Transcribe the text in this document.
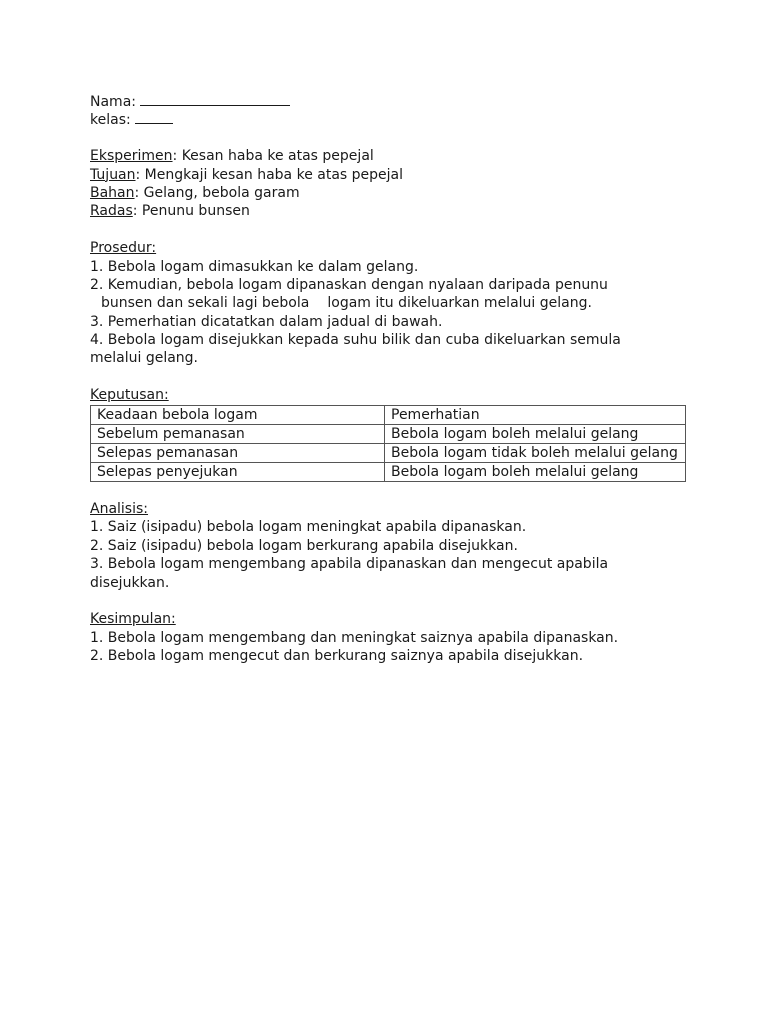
Nama:
kelas:
Eksperimen: Kesan haba ke atas pepejal
Tujuan: Mengkaji kesan haba ke atas pepejal
Bahan: Gelang, bebola garam
Radas: Penunu bunsen
Prosedur:
1. Bebola logam dimasukkan ke dalam gelang.
2. Kemudian, bebola logam dipanaskan dengan nyalaan daripada penunu
bunsen dan sekali lagi bebola logam itu dikeluarkan melalui gelang.
3. Pemerhatian dicatatkan dalam jadual di bawah.
4. Bebola logam disejukkan kepada suhu bilik dan cuba dikeluarkan semula
melalui gelang.
Keputusan:
Keadaan bebola logam	Pemerhatian
Sebelum pemanasan	Bebola logam boleh melalui gelang
Selepas pemanasan	Bebola logam tidak boleh melalui gelang
Selepas penyejukan	Bebola logam boleh melalui gelang
Analisis:
1. Saiz (isipadu) bebola logam meningkat apabila dipanaskan.
2. Saiz (isipadu) bebola logam berkurang apabila disejukkan.
3. Bebola logam mengembang apabila dipanaskan dan mengecut apabila
disejukkan.
Kesimpulan:
1. Bebola logam mengembang dan meningkat saiznya apabila dipanaskan.
2. Bebola logam mengecut dan berkurang saiznya apabila disejukkan.
